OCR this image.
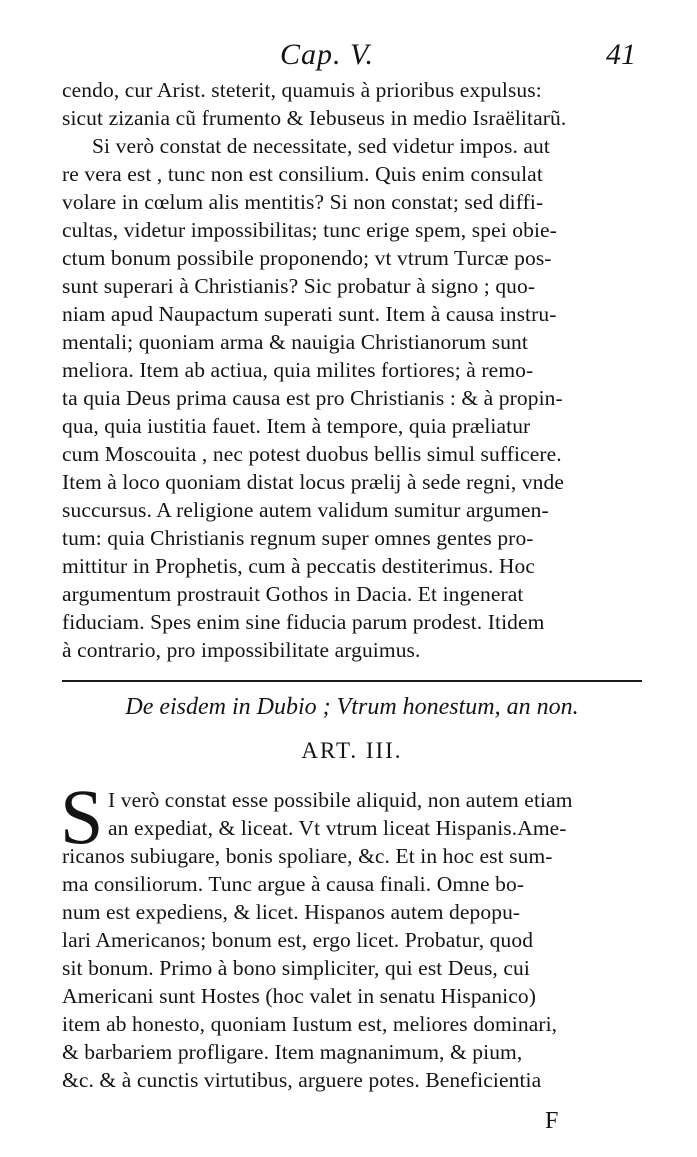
Cap. V.	41
cendo, cur Arist. steterit, quamuis à prioribus expulsus:
sicut zizania cũ frumento & Iebuseus in medio Israëlitarũ.
Si verò constat de necessitate, sed videtur impos. aut
re vera est , tunc non est consilium. Quis enim consulat
volare in cœlum alis mentitis? Si non constat; sed diffi-
cultas, videtur impossibilitas; tunc erige spem, spei obie-
ctum bonum possibile proponendo; vt vtrum Turcæ pos-
sunt superari à Christianis? Sic probatur à signo ; quo-
niam apud Naupactum superati sunt. Item à causa instru-
mentali; quoniam arma & nauigia Christianorum sunt
meliora. Item ab actiua, quia milites fortiores; à remo-
ta quia Deus prima causa est pro Christianis : & à propin-
qua, quia iustitia fauet. Item à tempore, quia præliatur
cum Moscouita , nec potest duobus bellis simul sufficere.
Item à loco quoniam distat locus prælij à sede regni, vnde
succursus. A religione autem validum sumitur argumen-
tum: quia Christianis regnum super omnes gentes pro-
mittitur in Prophetis, cum à peccatis destiterimus. Hoc
argumentum prostrauit Gothos in Dacia. Et ingenerat
fiduciam. Spes enim sine fiducia parum prodest. Itidem
à contrario, pro impossibilitate arguimus.
De eisdem in Dubio ; Vtrum honestum, an non.
ART. III.
S I verò constat esse possibile aliquid, non autem etiam
an expediat, & liceat. Vt vtrum liceat Hispanis.Ame-
ricanos subiugare, bonis spoliare, &c. Et in hoc est sum-
ma consiliorum. Tunc argue à causa finali. Omne bo-
num est expediens, & licet. Hispanos autem depopu-
lari Americanos; bonum est, ergo licet. Probatur, quod
sit bonum. Primo à bono simpliciter, qui est Deus, cui
Americani sunt Hostes (hoc valet in senatu Hispanico)
item ab honesto, quoniam Iustum est, meliores dominari,
& barbariem profligare. Item magnanimum, & pium,
&c. & à cunctis virtutibus, arguere potes. Beneficientia
F
